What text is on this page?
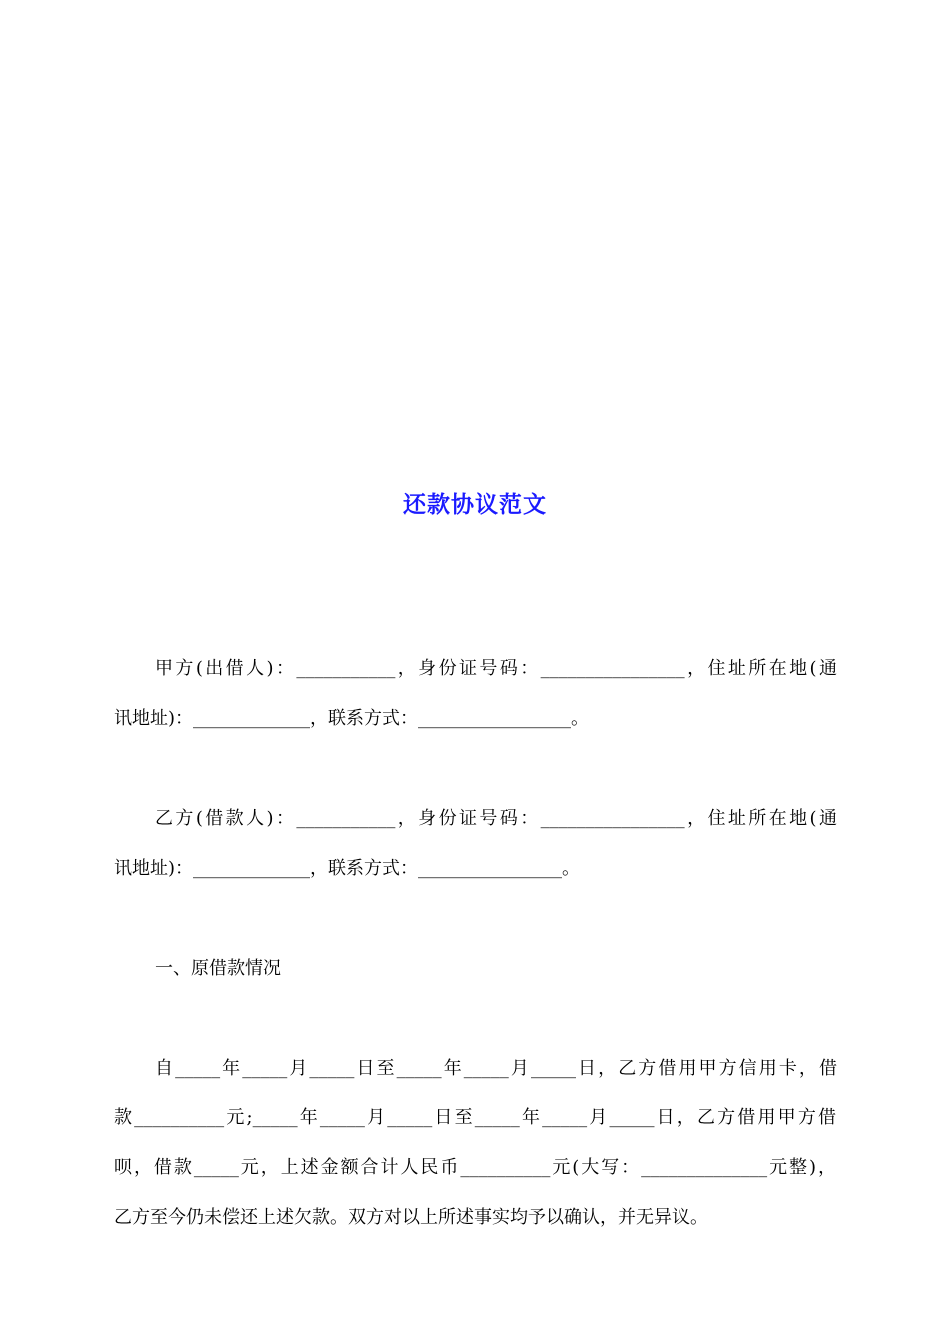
还款协议范文
甲方(出借人)：___________，身份证号码：________________，住址所在地(通
讯地址)：_____________，联系方式：_________________。
乙方(借款人)：___________，身份证号码：________________，住址所在地(通
讯地址)：_____________，联系方式：________________。
一、原借款情况
自_____年_____月_____日至_____年_____月_____日，乙方借用甲方信用卡，借
款__________元;_____年_____月_____日至_____年_____月_____日，乙方借用甲方借
呗，借款_____元，上述金额合计人民币__________元(大写：______________元整)，
乙方至今仍未偿还上述欠款。双方对以上所述事实均予以确认，并无异议。
